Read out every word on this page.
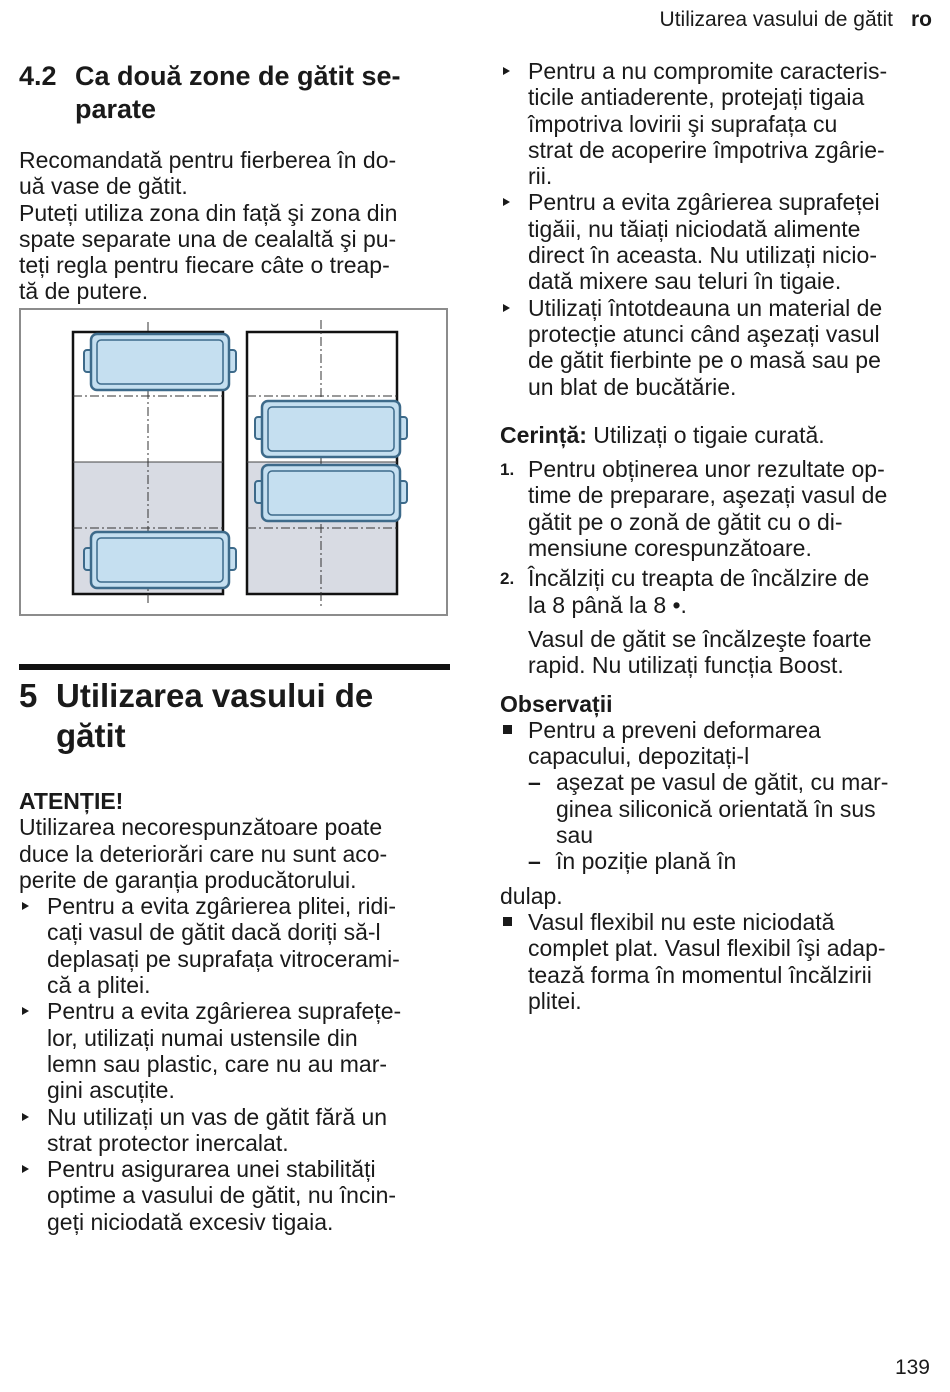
Utilizarea vasului de gătit ro
4.2 Ca două zone de gătit se-
parate

Recomandată pentru fierberea în do-
uă vase de gătit.
Puteți utiliza zona din față şi zona din
spate separate una de cealaltă şi pu-
teți regla pentru fiecare câte o treap-
tă de putere.

5 Utilizarea vasului de
gătit

ATENȚIE!

Utilizarea necorespunzătoare poate
duce la deteriorări care nu sunt aco-
perite de garanția producătorului.

Pentru a evita zgârierea plitei, ridi-
cați vasul de gătit dacă doriți să-l
deplasați pe suprafața vitrocerami-
că a plitei.
Pentru a evita zgârierea suprafețe-
lor, utilizați numai ustensile din
lemn sau plastic, care nu au mar-
gini ascuțite.
Nu utilizați un vas de gătit fără un
strat protector inercalat.
Pentru asigurarea unei stabilități
optime a vasului de gătit, nu încin-
geți niciodată excesiv tigaia.
Pentru a nu compromite caracteris-
ticile antiaderente, protejați tigaia
împotriva lovirii şi suprafața cu
strat de acoperire împotriva zgârie-
rii.
Pentru a evita zgârierea suprafeței
tigăii, nu tăiați niciodată alimente
direct în aceasta. Nu utilizați nicio-
dată mixere sau teluri în tigaie.
Utilizați întotdeauna un material de
protecție atunci când aşezați vasul
de gătit fierbinte pe o masă sau pe
un blat de bucătărie.

Cerință: Utilizați o tigaie curată.

1. Pentru obținerea unor rezultate op-
time de preparare, aşezați vasul de
gătit pe o zonă de gătit cu o di-
mensiune corespunzătoare.
2. Încălziți cu treapta de încălzire de
la 8 până la 8 •.

Vasul de gătit se încălzeşte foarte
rapid. Nu utilizați funcția Boost.

Observații

Pentru a preveni deformarea
capacului, depozitați-l
– aşezat pe vasul de gătit, cu mar-
ginea siliconică orientată în sus
sau
– în poziție plană în
dulap.
Vasul flexibil nu este niciodată
complet plat. Vasul flexibil îşi adap-
tează forma în momentul încălzirii
plitei.
139
